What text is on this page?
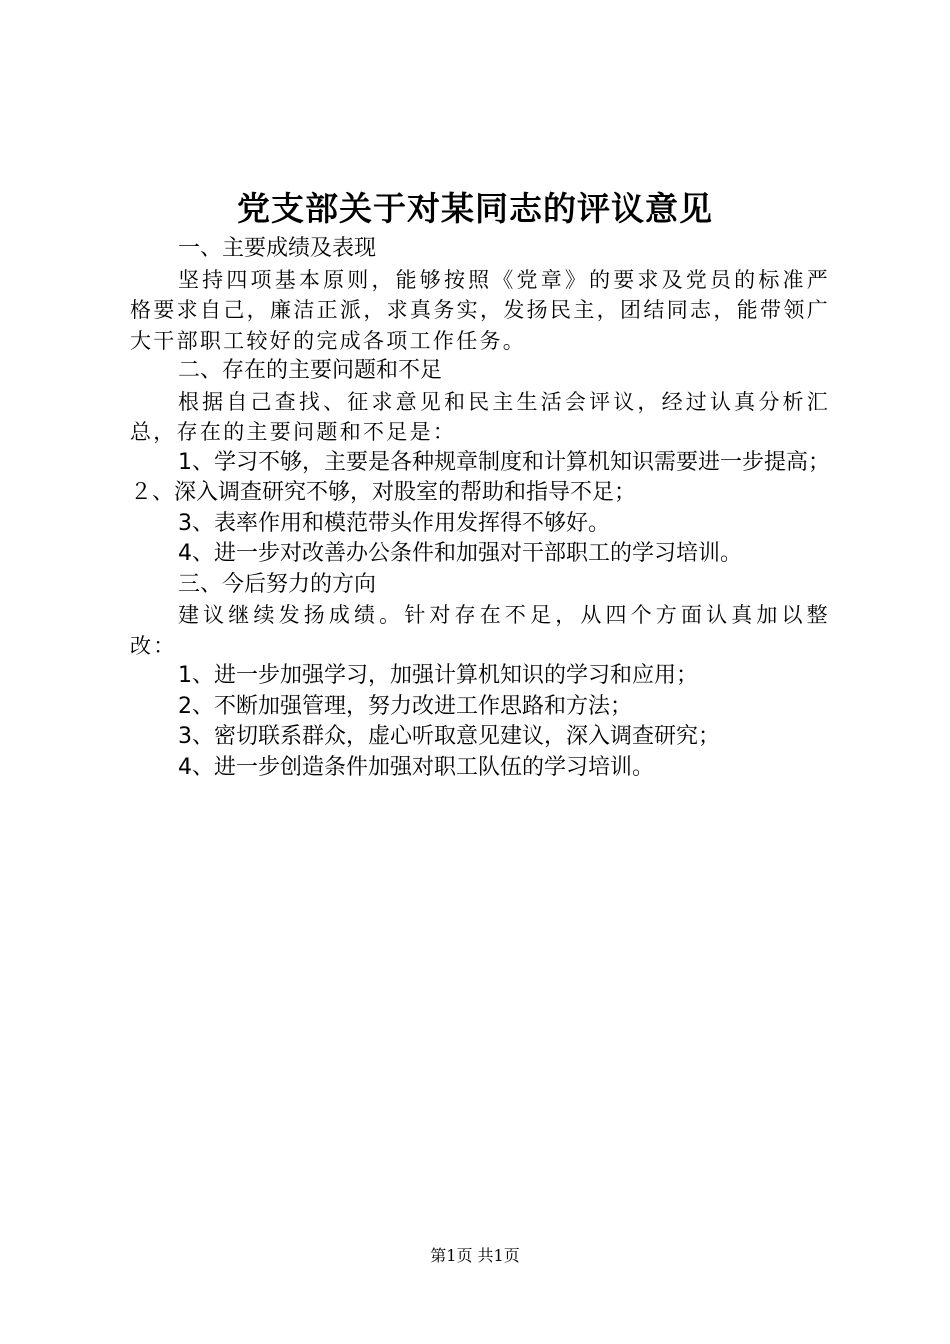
党支部关于对某同志的评议意见

一、主要成绩及表现

坚持四项基本原则，能够按照《党章》的要求及党员的标准严格要求自己，廉洁正派，求真务实，发扬民主，团结同志，能带领广大干部职工较好的完成各项工作任务。

二、存在的主要问题和不足

根据自己查找、征求意见和民主生活会评议，经过认真分析汇总，存在的主要问题和不足是：

1、学习不够，主要是各种规章制度和计算机知识需要进一步提高；２、深入调查研究不够，对股室的帮助和指导不足；

3、表率作用和模范带头作用发挥得不够好。

4、进一步对改善办公条件和加强对干部职工的学习培训。

三、今后努力的方向

建议继续发扬成绩。针对存在不足，从四个方面认真加以整改：

1、进一步加强学习，加强计算机知识的学习和应用；

2、不断加强管理，努力改进工作思路和方法；

3、密切联系群众，虚心听取意见建议，深入调查研究；

4、进一步创造条件加强对职工队伍的学习培训。

第1页 共1页
